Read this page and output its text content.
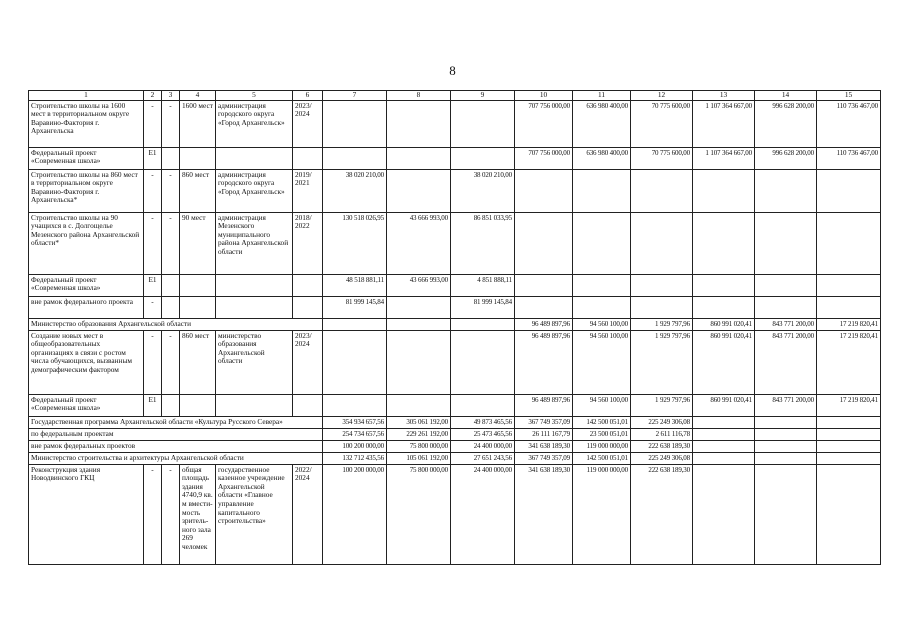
8
1	2	3	4	5	6	7	8	9	10	11	12	13	14	15
Строительство школы на 1600 мест в территориальном округе Варавино-Фактория г. Архангельска	-	-	1600 мест	администрация городского округа «Город Архангельск»	2023/ 2024				707 756 000,00	636 980 400,00	70 775 600,00	1 107 364 667,00	996 628 200,00	110 736 467,00
Федеральный проект «Современная школа»	E1								707 756 000,00	636 980 400,00	70 775 600,00	1 107 364 667,00	996 628 200,00	110 736 467,00
Строительство школы на 860 мест в территориальном округе Варавино-Фактория г. Архангельска*	-	-	860 мест	администрация городского округа «Город Архангельск»	2019/ 2021	38 020 210,00		38 020 210,00						
Строительство школы на 90 учащихся в с. Долгощелье Мезенского района Архангельской области*	-	-	90 мест	администрация Мезенского муниципального района Архангельской области	2018/ 2022	130 518 026,95	43 666 993,00	86 851 033,95						
Федеральный проект «Современная школа»	E1					48 518 881,11	43 666 993,00	4 851 888,11						
вне рамок федерального проекта	-					81 999 145,84		81 999 145,84						
Министерство образования Архангельской области									96 489 897,96	94 560 100,00	1 929 797,96	860 991 020,41	843 771 200,00	17 219 820,41
Создание новых мест в общеобразовательных организациях в связи с ростом числа обучающихся, вызванным демографическим фактором	-	-	860 мест	министерство образования Архангельской области	2023/ 2024				96 489 897,96	94 560 100,00	1 929 797,96	860 991 020,41	843 771 200,00	17 219 820,41
Федеральный проект «Современная школа»	E1								96 489 897,96	94 560 100,00	1 929 797,96	860 991 020,41	843 771 200,00	17 219 820,41
Государственная программа Архангельской области «Культура Русского Севера»						354 934 657,56	305 061 192,00	49 873 465,56	367 749 357,09	142 500 051,01	225 249 306,08			
по федеральным проектам						254 734 657,56	229 261 192,00	25 473 465,56	26 111 167,79	23 500 051,01	2 611 116,78			
вне рамок федеральных проектов						100 200 000,00	75 800 000,00	24 400 000,00	341 638 189,30	119 000 000,00	222 638 189,30			
Министерство строительства и архитектуры Архангельской области						132 712 435,56	105 061 192,00	27 651 243,56	367 749 357,09	142 500 051,01	225 249 306,08			
Реконструкция здания Новодвинского ГКЦ	-	-	общая площадь здания 4740,9 кв. м вмести- мость зритель- ного зала 269 челомек	государственное казенное учреждение Архангельской области «Главное управление капитального строительства»	2022/ 2024	100 200 000,00	75 800 000,00	24 400 000,00	341 638 189,30	119 000 000,00	222 638 189,30			
